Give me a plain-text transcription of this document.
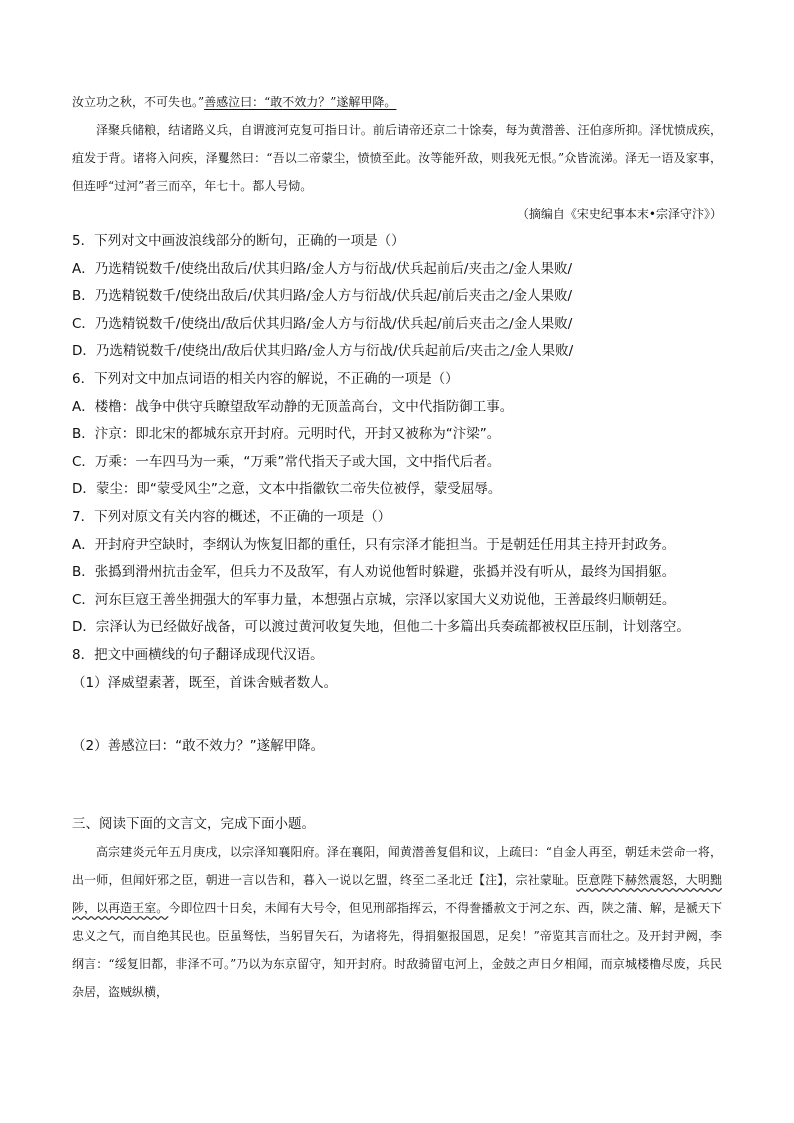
汝立功之秋，不可失也。”善感泣曰：“敢不效力？”遂解甲降。

泽聚兵储粮，结诸路义兵，自谓渡河克复可指日计。前后请帝还京二十馀奏，每为黄潜善、汪伯彦所抑。泽忧愤成疾，疽发于背。诸将入问疾，泽矍然曰：“吾以二帝蒙尘，愤愤至此。汝等能歼敌，则我死无恨。”众皆流涕。泽无一语及家事，但连呼“过河”者三而卒，年七十。都人号恸。

（摘编自《宋史纪事本末•宗泽守汴》）

5．下列对文中画波浪线部分的断句，正确的一项是（）

A．乃选精锐数千/使绕出敌后/伏其归路/金人方与衍战/伏兵起前后/夹击之/金人果败/

B．乃选精锐数千/使绕出敌后/伏其归路/金人方与衍战/伏兵起/前后夹击之/金人果败/

C．乃选精锐数千/使绕出/敌后伏其归路/金人方与衍战/伏兵起/前后夹击之/金人果败/

D．乃选精锐数千/使绕出/敌后伏其归路/金人方与衍战/伏兵起前后/夹击之/金人果败/

6．下列对文中加点词语的相关内容的解说，不正确的一项是（）

A．楼橹：战争中供守兵瞭望敌军动静的无顶盖高台，文中代指防御工事。

B．汴京：即北宋的都城东京开封府。元明时代，开封又被称为“汴梁”。

C．万乘：一车四马为一乘，“万乘”常代指天子或大国，文中指代后者。

D．蒙尘：即“蒙受风尘”之意，文本中指徽钦二帝失位被俘，蒙受屈辱。

7．下列对原文有关内容的概述，不正确的一项是（）

A．开封府尹空缺时，李纲认为恢复旧都的重任，只有宗泽才能担当。于是朝廷任用其主持开封政务。

B．张撝到滑州抗击金军，但兵力不及敌军，有人劝说他暂时躲避，张撝并没有听从，最终为国捐躯。

C．河东巨寇王善坐拥强大的军事力量，本想强占京城，宗泽以家国大义劝说他，王善最终归顺朝廷。

D．宗泽认为已经做好战备，可以渡过黄河收复失地，但他二十多篇出兵奏疏都被权臣压制，计划落空。

8．把文中画横线的句子翻译成现代汉语。

（1）泽威望素著，既至，首诛舍贼者数人。

（2）善感泣曰：“敢不效力？”遂解甲降。

三、阅读下面的文言文，完成下面小题。

高宗建炎元年五月庚戌，以宗泽知襄阳府。泽在襄阳，闻黄潜善复倡和议，上疏曰：“自金人再至，朝廷未尝命一将，出一师，但闻奸邪之臣，朝进一言以告和，暮入一说以乞盟，终至二圣北迁【注】，宗社蒙耻。臣意陛下赫然震怒，大明黜陟，以再造王室。今即位四十日矣，未闻有大号令，但见刑部指挥云，不得誊播赦文于河之东、西，陕之蒲、解，是褫天下忠义之气，而自绝其民也。臣虽驽怯，当躬冒矢石，为诸将先，得捐躯报国恩，足矣！”帝览其言而壮之。及开封尹阙，李纲言：“绥复旧都，非泽不可。”乃以为东京留守，知开封府。时敌骑留屯河上，金鼓之声日夕相闻，而京城楼橹尽废，兵民杂居，盗贼纵横，
